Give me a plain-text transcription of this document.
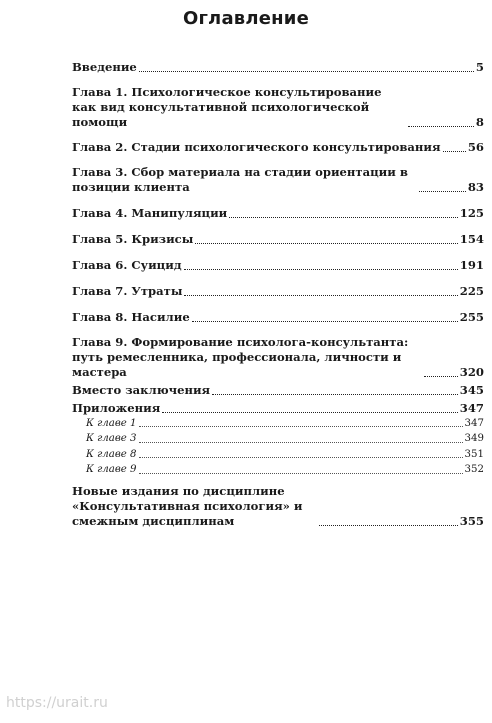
Оглавление
Введение	5
Глава 1. Психологическое консультирование как вид консультативной психологической помощи	8
Глава 2. Стадии психологического консультирования 56
Глава 3. Сбор материала на стадии ориентации в позиции клиента	83
Глава 4. Манипуляции	125
Глава 5. Кризисы	154
Глава 6. Суицид	191
Глава 7. Утраты	225
Глава 8. Насилие	255
Глава 9. Формирование психолога-консультанта: путь ремесленника, профессионала, личности и мастера	320
Вместо заключения	345
Приложения	347
К главе 1	347
К главе 3	349
К главе 8	351
К главе 9	352
Новые издания по дисциплине «Консультативная психология» и смежным дисциплинам	355
https://urait.ru
